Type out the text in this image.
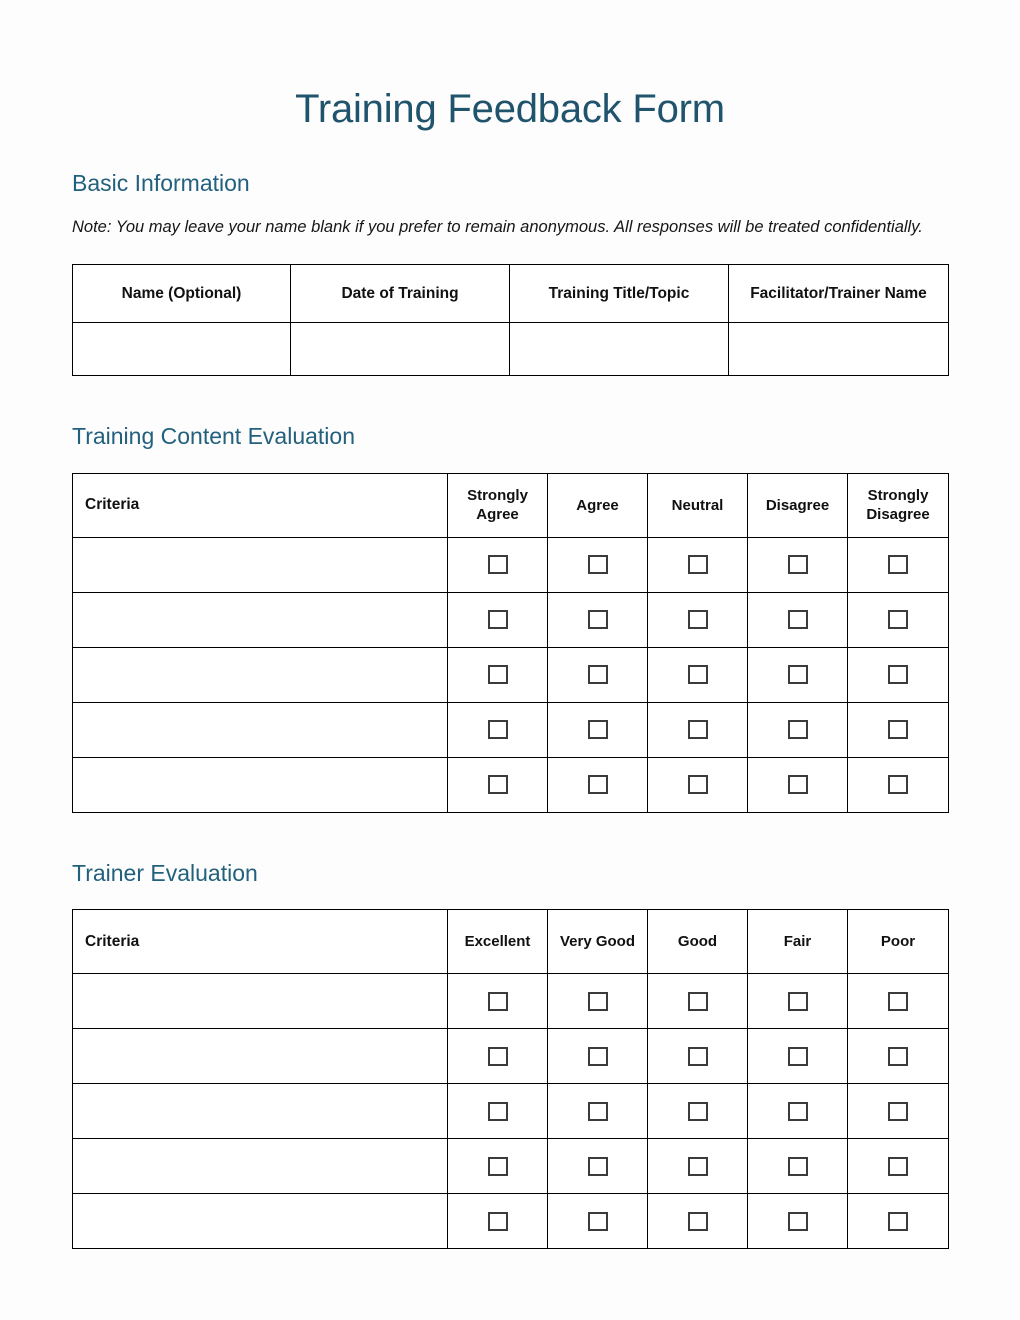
Training Feedback Form
Basic Information

Note: You may leave your name blank if you prefer to remain anonymous. All responses will be treated confidentially.

Name (Optional)	Date of Training	Training Title/Topic	Facilitator/Trainer Name

Training Content Evaluation
Criteria	Strongly Agree	Agree	Neutral	Disagree	Strongly Disagree

Trainer Evaluation
Criteria	Excellent	Very Good	Good	Fair	Poor
